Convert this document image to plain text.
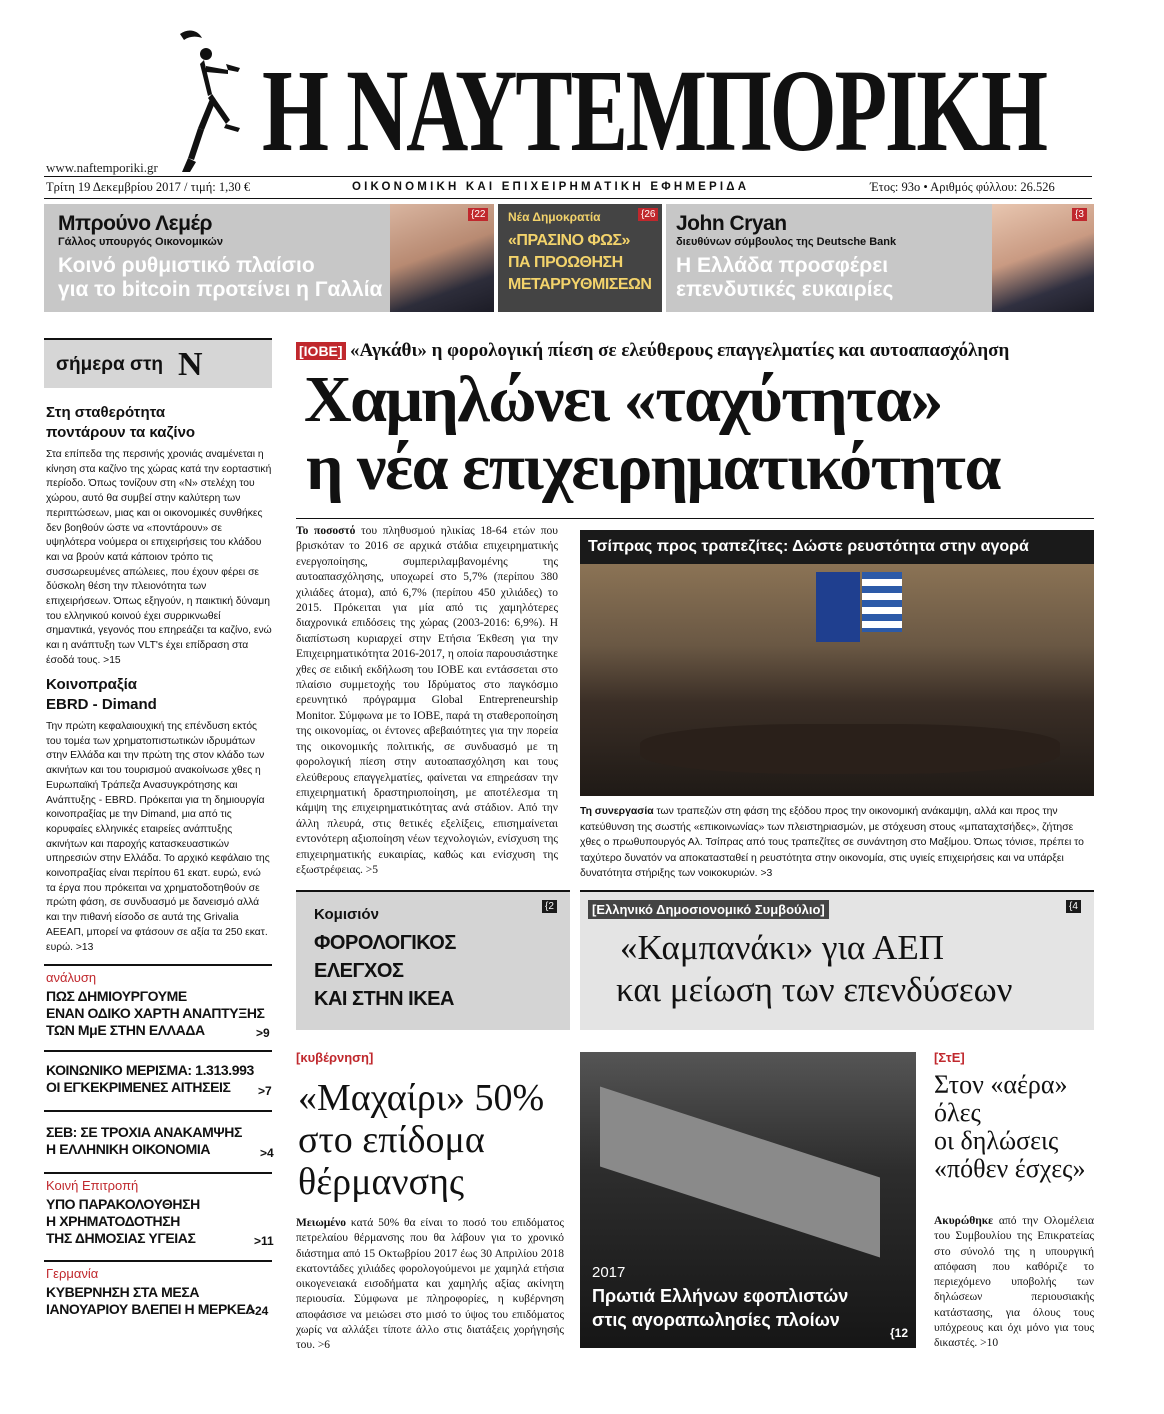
Η ΝΑΥΤΕΜΠΟΡΙΚΗ
www.naftemporiki.gr
Τρίτη 19 Δεκεμβρίου 2017 / τιμή: 1,30 €	ΟΙΚΟΝΟΜΙΚΗ ΚΑΙ ΕΠΙΧΕΙΡΗΜΑΤΙΚΗ ΕΦΗΜΕΡΙΔΑ	Έτος: 93ο • Αριθμός φύλλου: 26.526
Μπρούνο Λεμέρ
Γάλλος υπουργός Οικονομικών
Κοινό ρυθμιστικό πλαίσιο
για το bitcoin προτείνει η Γαλλία
{22 Νέα Δημοκρατία
«ΠΡΑΣΙΝΟ ΦΩΣ»
ΠΑ ΠΡΟΩΘΗΣΗ
ΜΕΤΑΡΡΥΘΜΙΣΕΩΝ
{26 John Cryan
διευθύνων σύμβουλος της Deutsche Bank
Η Ελλάδα προσφέρει
επενδυτικές ευκαιρίες
{3
σήμερα στη N
Στη σταθερότητα
ποντάρουν τα καζίνο
Στα επίπεδα της περσινής χρονιάς αναμένεται η κίνηση στα καζίνο της χώρας κατά την εορταστική περίοδο. Όπως τονίζουν στη «Ν» στελέχη του χώρου, αυτό θα συμβεί στην καλύτερη των περιπτώσεων, μιας και οι οικονομικές συνθήκες δεν βοηθούν ώστε να «ποντάρουν» σε υψηλότερα νούμερα οι επιχειρήσεις του κλάδου και να βρούν κατά κάποιον τρόπο τις συσσωρευμένες απώλειες, που έχουν φέρει σε δύσκολη θέση την πλειονότητα των επιχειρήσεων. Όπως εξηγούν, η παικτική δύναμη του ελληνικού κοινού έχει συρρικνωθεί σημαντικά, γεγονός που επηρεάζει τα καζίνο, ενώ και η ανάπτυξη των VLT's έχει επίδραση στα έσοδά τους. >15
Κοινοπραξία
EBRD - Dimand
Την πρώτη κεφαλαιουχική της επένδυση εκτός του τομέα των χρηματοπιστωτικών ιδρυμάτων στην Ελλάδα και την πρώτη της στον κλάδο των ακινήτων και του τουρισμού ανακοίνωσε χθες η Ευρωπαϊκή Τράπεζα Ανασυγκρότησης και Ανάπτυξης - EBRD. Πρόκειται για τη δημιουργία κοινοπραξίας με την Dimand, μια από τις κορυφαίες ελληνικές εταιρείες ανάπτυξης ακινήτων και παροχής κατασκευαστικών υπηρεσιών στην Ελλάδα. Το αρχικό κεφάλαιο της κοινοπραξίας είναι περίπου 61 εκατ. ευρώ, ενώ τα έργα που πρόκειται να χρηματοδοτηθούν σε πρώτη φάση, σε συνδυασμό με δανεισμό αλλά και την πιθανή είσοδο σε αυτά της Grivalia ΑΕΕΑΠ, μπορεί να φτάσουν σε αξία τα 250 εκατ. ευρώ. >13
ανάλυση
ΠΩΣ ΔΗΜΙΟΥΡΓΟΥΜΕ
ΕΝΑΝ ΟΔΙΚΟ ΧΑΡΤΗ ΑΝΑΠΤΥΞΗΣ
ΤΩΝ ΜμΕ ΣΤΗΝ ΕΛΛΑΔΑ	>9
ΚΟΙΝΩΝΙΚΟ ΜΕΡΙΣΜΑ: 1.313.993
ΟΙ ΕΓΚΕΚΡΙΜΕΝΕΣ ΑΙΤΗΣΕΙΣ >7
ΣΕΒ: ΣΕ ΤΡΟΧΙΑ ΑΝΑΚΑΜΨΗΣ
Η ΕΛΛΗΝΙΚΗ ΟΙΚΟΝΟΜΙΑ	>4
Κοινή Επιτροπή
ΥΠΟ ΠΑΡΑΚΟΛΟΥΘΗΣΗ
Η ΧΡΗΜΑΤΟΔΟΤΗΣΗ
ΤΗΣ ΔΗΜΟΣΙΑΣ ΥΓΕΙΑΣ	>11
Γερμανία
ΚΥΒΕΡΝΗΣΗ ΣΤΑ ΜΕΣΑ
ΙΑΝΟΥΑΡΙΟΥ ΒΛΕΠΕΙ Η ΜΕΡΚΕΛ
>24
[ΙΟΒΕ] «Αγκάθι» η φορολογική πίεση σε ελεύθερους επαγγελματίες και αυτοαπασχόληση
Χαμηλώνει «ταχύτητα»
η νέα επιχειρηματικότητα
Το ποσοστό του πληθυσμού ηλικίας 18-64 ετών που βρισκόταν το 2016 σε αρχικά στάδια επιχειρηματικής ενεργοποίησης, συμπεριλαμβανομένης της αυτοαπασχόλησης, υποχωρεί στο 5,7% (περίπου 380 χιλιάδες άτομα), από 6,7% (περίπου 450 χιλιάδες) το 2015. Πρόκειται για μία από τις χαμηλότερες διαχρονικά επιδόσεις της χώρας (2003-2016: 6,9%). Η διαπίστωση κυριαρχεί στην Ετήσια Έκθεση για την Επιχειρηματικότητα 2016-2017, η οποία παρουσιάστηκε χθες σε ειδική εκδήλωση του ΙΟΒΕ και εντάσσεται στο πλαίσιο συμμετοχής του Ιδρύματος στο παγκόσμιο ερευνητικό πρόγραμμα Global Entrepreneurship Monitor. Σύμφωνα με το ΙΟΒΕ, παρά τη σταθεροποίηση της οικονομίας, οι έντονες αβεβαιότητες για την πορεία της οικονομικής πολιτικής, σε συνδυασμό με τη φορολογική πίεση στην αυτοαπασχόληση και τους ελεύθερους επαγγελματίες, φαίνεται να επηρεάσαν την επιχειρηματική δραστηριοποίηση, με αποτέλεσμα τη κάμψη της επιχειρηματικότητας ανά στάδιον. Από την άλλη πλευρά, στις θετικές εξελίξεις, επισημαίνεται εντονότερη αξιοποίηση νέων τεχνολογιών, ενίσχυση της επιχειρηματικής ευκαιρίας, καθώς και ενίσχυση της εξωστρέφειας. >5
Τσίπρας προς τραπεζίτες: Δώστε ρευστότητα στην αγορά
Τη συνεργασία των τραπεζών στη φάση της εξόδου προς την οικονομική ανάκαμψη, αλλά και προς την κατεύθυνση της σωστής «επικοινωνίας» των πλειστηριασμών, με στόχευση στους «μπαταχτσήδες», ζήτησε χθες ο πρωθυπουργός Αλ. Τσίπρας από τους τραπεζίτες σε συνάντηση στο Μαξίμου. Όπως τόνισε, πρέπει το ταχύτερο δυνατόν να αποκατασταθεί η ρευστότητα στην οικονομία, στις υγιείς επιχειρήσεις και να υπάρξει δυνατότητα στήριξης των νοικοκυριών. >3
Κομισιόν
ΦΟΡΟΛΟΓΙΚΟΣ
ΕΛΕΓΧΟΣ
ΚΑΙ ΣΤΗΝ ΙΚΕΑ
{2	[Ελληνικό Δημοσιονομικό Συμβούλιο]
«Καμπανάκι» για ΑΕΠ
και μείωση των επενδύσεων
{4
[κυβέρνηση]
«Μαχαίρι» 50%
στο επίδομα
θέρμανσης
Μειωμένο κατά 50% θα είναι το ποσό του επιδόματος πετρελαίου θέρμανσης που θα λάβουν για το χρονικό διάστημα από 15 Οκτωβρίου 2017 έως 30 Απριλίου 2018 εκατοντάδες χιλιάδες φορολογούμενοι με χαμηλά ετήσια οικογενειακά εισοδήματα και χαμηλής αξίας ακίνητη περιουσία. Σύμφωνα με πληροφορίες, η κυβέρνηση αποφάσισε να μειώσει στο μισό το ύψος του επιδόματος χωρίς να αλλάξει τίποτε άλλο στις διατάξεις χορήγησής του. >6
2017
Πρωτιά Ελλήνων εφοπλιστών
στις αγοραπωλησίες πλοίων
{12
[ΣτΕ]
Στον «αέρα»
όλες
οι δηλώσεις
«πόθεν έσχες»
Ακυρώθηκε από την Ολομέλεια του Συμβουλίου της Επικρατείας στο σύνολό της η υπουργική απόφαση που καθόριζε το περιεχόμενο υποβολής των δηλώσεων περιουσιακής κατάστασης, για όλους τους υπόχρεους και όχι μόνο για τους δικαστές. >10
